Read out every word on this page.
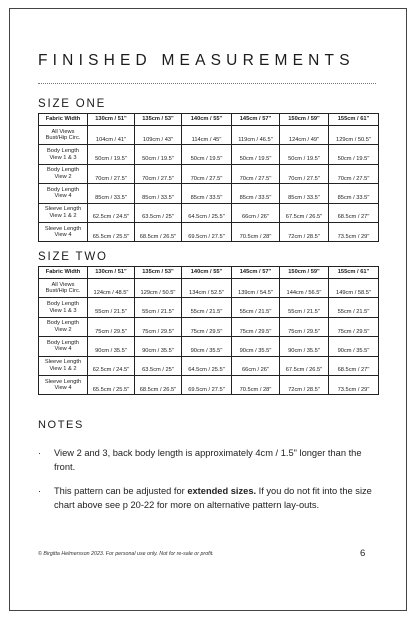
FINISHED MEASUREMENTS
SIZE ONE
Fabric Width	130cm / 51"	135cm / 53"	140cm / 55"	145cm / 57"	150cm / 59"	155cm / 61"
All Views
Bust/Hip Circ.	104cm / 41"	109cm / 43"	114cm / 45"	119cm / 46.5"	124cm / 49"	129cm / 50.5"
Body Length
View 1 & 3	50cm / 19.5"	50cm / 19.5"	50cm / 19.5"	50cm / 19.5"	50cm / 19.5"	50cm / 19.5"
Body Length
View 2	70cm / 27.5"	70cm / 27.5"	70cm / 27.5"	70cm / 27.5"	70cm / 27.5"	70cm / 27.5"
Body Length
View 4	85cm / 33.5"	85cm / 33.5"	85cm / 33.5"	85cm / 33.5"	85cm / 33.5"	85cm / 33.5"
Sleeve Length
View 1 & 2	62.5cm / 24.5"	63.5cm / 25"	64.5cm / 25.5"	66cm / 26"	67.5cm / 26.5"	68.5cm / 27"
Sleeve Length
View 4	65.5cm / 25.5"	68.5cm / 26.5"	69.5cm / 27.5"	70.5cm / 28"	72cm / 28.5"	73.5cm / 29"
SIZE TWO
Fabric Width	130cm / 51"	135cm / 53"	140cm / 55"	145cm / 57"	150cm / 59"	155cm / 61"
All Views
Bust/Hip Circ.	124cm / 48.5"	129cm / 50.5"	134cm / 52.5"	139cm / 54.5"	144cm / 56.5"	149cm / 58.5"
Body Length
View 1 & 3	55cm / 21.5"	55cm / 21.5"	55cm / 21.5"	55cm / 21.5"	55cm / 21.5"	55cm / 21.5"
Body Length
View 2	75cm / 29.5"	75cm / 29.5"	75cm / 29.5"	75cm / 29.5"	75cm / 29.5"	75cm / 29.5"
Body Length
View 4	90cm / 35.5"	90cm / 35.5"	90cm / 35.5"	90cm / 35.5"	90cm / 35.5"	90cm / 35.5"
Sleeve Length
View 1 & 2	62.5cm / 24.5"	63.5cm / 25"	64.5cm / 25.5"	66cm / 26"	67.5cm / 26.5"	68.5cm / 27"
Sleeve Length
View 4	65.5cm / 25.5"	68.5cm / 26.5"	69.5cm / 27.5"	70.5cm / 28"	72cm / 28.5"	73.5cm / 29"
NOTES
· View 2 and 3, back body length is approximately 4cm / 1.5" longer than the front.
· This pattern can be adjusted for extended sizes. If you do not fit into the size chart above see p 20-22 for more on alternative pattern lay-outs.
© Birgitta Helmersson 2023. For personal use only. Not for re-sale or profit.	6
